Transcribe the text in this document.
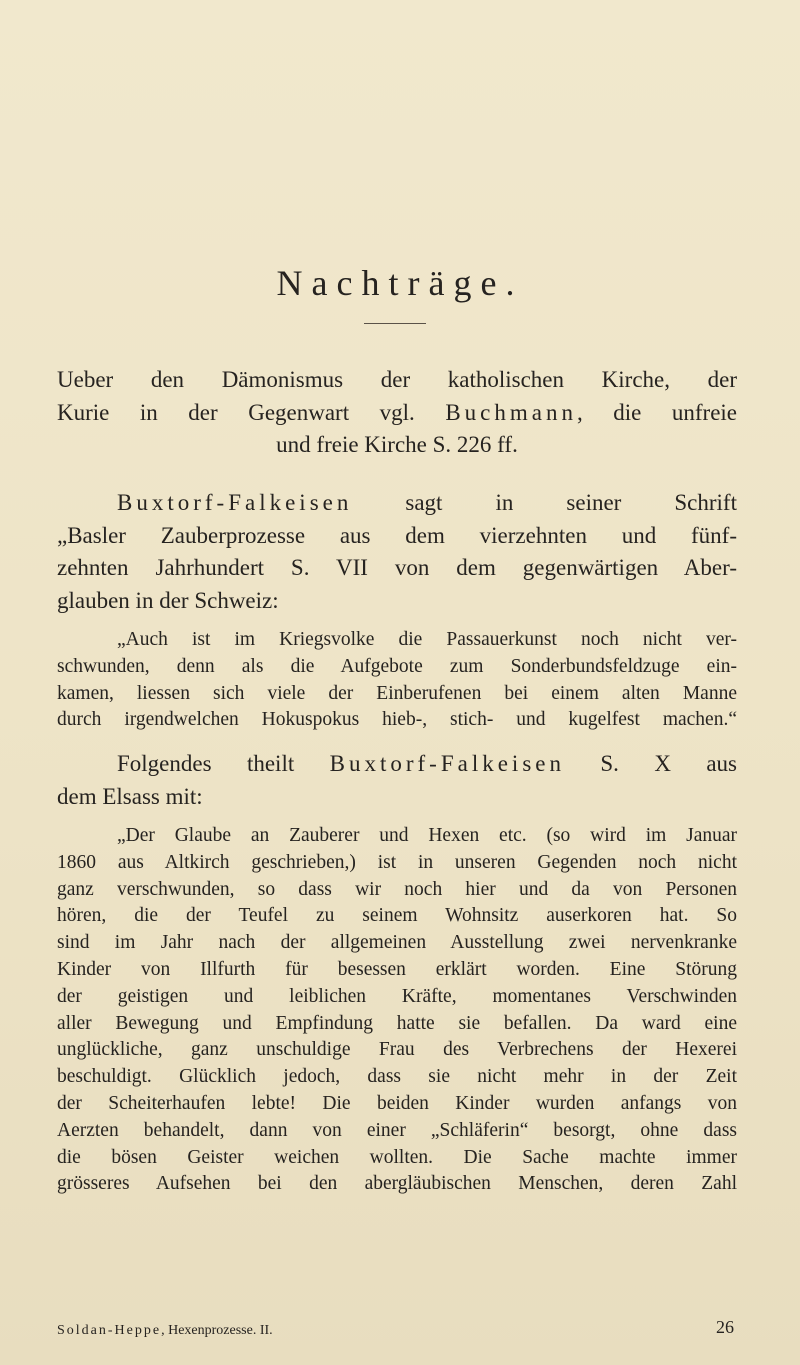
Nachträge.
Ueber den Dämonismus der katholischen Kirche, der
Kurie in der Gegenwart vgl. Buchmann, die unfreie
und freie Kirche S. 226 ff.
Buxtorf-Falkeisen sagt in seiner Schrift
„Basler Zauberprozesse aus dem vierzehnten und fünf-
zehnten Jahrhundert S. VII von dem gegenwärtigen Aber-
glauben in der Schweiz:
„Auch ist im Kriegsvolke die Passauerkunst noch nicht ver-
schwunden, denn als die Aufgebote zum Sonderbundsfeldzuge ein-
kamen, liessen sich viele der Einberufenen bei einem alten Manne
durch irgendwelchen Hokuspokus hieb-, stich- und kugelfest machen.“
Folgendes theilt Buxtorf-Falkeisen S. X aus
dem Elsass mit:
„Der Glaube an Zauberer und Hexen etc. (so wird im Januar
1860 aus Altkirch geschrieben,) ist in unseren Gegenden noch nicht
ganz verschwunden, so dass wir noch hier und da von Personen
hören, die der Teufel zu seinem Wohnsitz auserkoren hat. So
sind im Jahr nach der allgemeinen Ausstellung zwei nervenkranke
Kinder von Illfurth für besessen erklärt worden. Eine Störung
der geistigen und leiblichen Kräfte, momentanes Verschwinden
aller Bewegung und Empfindung hatte sie befallen. Da ward eine
unglückliche, ganz unschuldige Frau des Verbrechens der Hexerei
beschuldigt. Glücklich jedoch, dass sie nicht mehr in der Zeit
der Scheiterhaufen lebte! Die beiden Kinder wurden anfangs von
Aerzten behandelt, dann von einer „Schläferin“ besorgt, ohne dass
die bösen Geister weichen wollten. Die Sache machte immer
grösseres Aufsehen bei den abergläubischen Menschen, deren Zahl
Soldan-Heppe, Hexenprozesse. II.	26
